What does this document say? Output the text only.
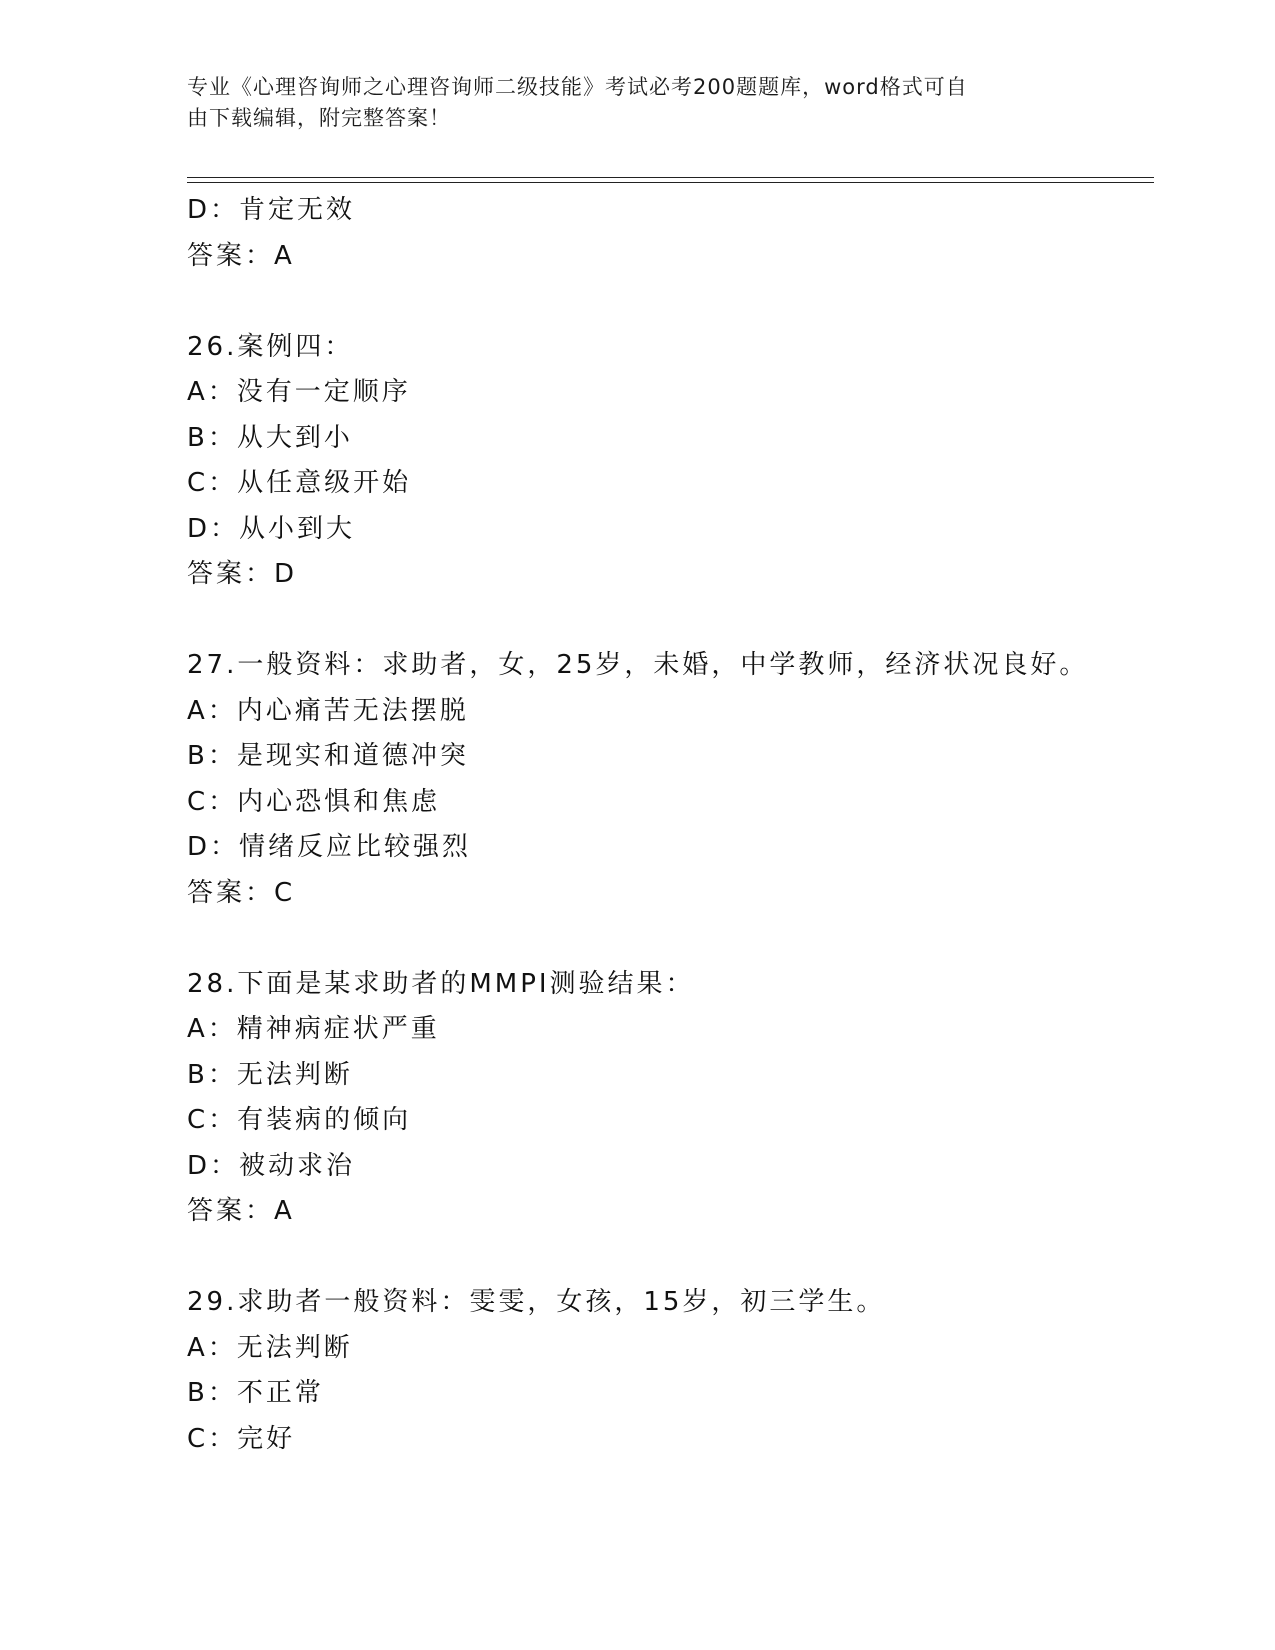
专业《心理咨询师之心理咨询师二级技能》考试必考200题题库，word格式可自
由下载编辑，附完整答案！
D：肯定无效
答案：A
26.案例四：
A：没有一定顺序
B：从大到小
C：从任意级开始
D：从小到大
答案：D
27.一般资料：求助者，女，25岁，未婚，中学教师，经济状况良好。
A：内心痛苦无法摆脱
B：是现实和道德冲突
C：内心恐惧和焦虑
D：情绪反应比较强烈
答案：C
28.下面是某求助者的MMPI测验结果：
A：精神病症状严重
B：无法判断
C：有装病的倾向
D：被动求治
答案：A
29.求助者一般资料：雯雯，女孩，15岁，初三学生。
A：无法判断
B：不正常
C：完好
